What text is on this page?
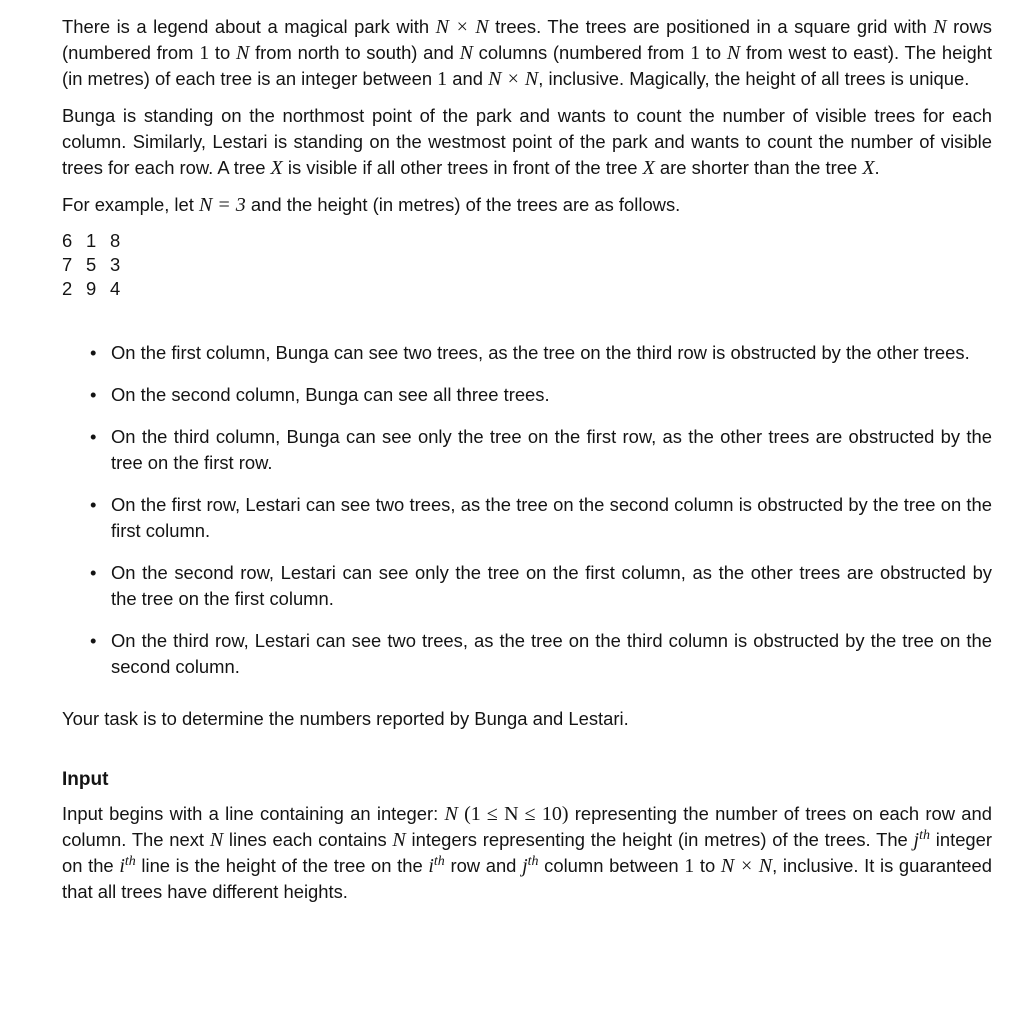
There is a legend about a magical park with N × N trees. The trees are positioned in a square grid with N rows (numbered from 1 to N from north to south) and N columns (numbered from 1 to N from west to east). The height (in metres) of each tree is an integer between 1 and N × N, inclusive. Magically, the height of all trees is unique.

Bunga is standing on the northmost point of the park and wants to count the number of visible trees for each column. Similarly, Lestari is standing on the westmost point of the park and wants to count the number of visible trees for each row. A tree X is visible if all other trees in front of the tree X are shorter than the tree X.

For example, let N = 3 and the height (in metres) of the trees are as follows.

6 1 8
7 5 3
2 9 4
• On the first column, Bunga can see two trees, as the tree on the third row is obstructed by the other trees.
• On the second column, Bunga can see all three trees.
• On the third column, Bunga can see only the tree on the first row, as the other trees are obstructed by the tree on the first row.
• On the first row, Lestari can see two trees, as the tree on the second column is obstructed by the tree on the first column.
• On the second row, Lestari can see only the tree on the first column, as the other trees are obstructed by the tree on the first column.
• On the third row, Lestari can see two trees, as the tree on the third column is obstructed by the tree on the second column.

Your task is to determine the numbers reported by Bunga and Lestari.

Input

Input begins with a line containing an integer: N (1 ≤ N ≤ 10) representing the number of trees on each row and column. The next N lines each contains N integers representing the height (in metres) of the trees. The $j^{th}$ integer on the $i^{th}$ line is the height of the tree on the $i^{th}$ row and $j^{th}$ column between 1 to N × N, inclusive. It is guaranteed that all trees have different heights.
